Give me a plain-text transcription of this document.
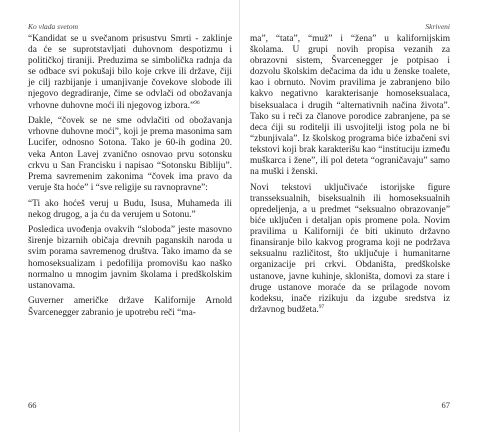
Ko vlada svetom

“Kandidat se u svečanom prisustvu Smrti - zaklinje da će se suprotstavljati duhovnom despotizmu i političkoj tiraniji. Preduzima se simbolička radnja da se odbace svi pokušaji bilo koje crkve ili države, čiji je cilj razbijanje i umanjivanje čovekove slobode ili njegovo degradiranje, čime se odvlači od obožavanja vrhovne duhovne moći ili njegovog izbora.”$^{96}$

Dakle, “čovek se ne sme odvlačiti od obožavanja vrhovne duhovne moći”, koji je prema masonima sam Lucifer, odnosno Sotona. Tako je 60-ih godina 20. veka Anton Lavej zvanično osnovao prvu sotonsku crkvu u San Francisku i napisao “Sotonsku Bibliju”. Prema savremenim zakonima “čovek ima pravo da veruje šta hoće” i “sve religije su ravnopravne”:

“Ti ako hoćeš veruj u Budu, Isusa, Muhameda ili nekog drugog, a ja ću da verujem u Sotonu.”

Posledica uvođenja ovakvih “sloboda” jeste masovno širenje bizarnih običaja drevnih paganskih naroda u svim porama savremenog društva. Tako imamo da se homoseksualizam i pedofilija promovišu kao naško normalno u mnogim javnim školama i predškolskim ustanovama.

Guverner američke države Kalifornije Arnold Švarcenegger zabranio je upotrebu reči “ma-

66
Skriveni

ma”, “tata”, “muž” i “žena” u kalifornijskim školama. U grupi novih propisa vezanih za obrazovni sistem, Švarcenegger je potpisao i dozvolu školskim dečacima da idu u ženske toalete, kao i obrnuto. Novim pravilima je zabranjeno bilo kakvo negativno karakterisanje homoseksualaca, biseksualaca i drugih “alternativnih načina života”. Tako su i reči za članove porodice zabranjene, pa se deca ćiji su roditelji ili usvojitelji istog pola ne bi “zbunjivala”. Iz školskog programa biće izbačeni svi tekstovi koji brak karakterišu kao “instituciju između muškarca i žene”, ili pol deteta “ograničavaju” samo na muški i ženski.

Novi tekstovi uključivaće istorijske figure transseksualnih, biseksualnih ili homoseksualnih opredeljenja, a u predmet “seksualno obrazovanje” biće uključen i detaljan opis promene pola. Novim pravilima u Kaliforniji će biti ukinuto državno finansiranje bilo kakvog programa koji ne podržava seksualnu različitost, što uključuje i humanitarne organizacije pri crkvi. Obdaništa, predškolske ustanove, javne kuhinje, skloništa, domovi za stare i druge ustanove moraće da se prilagode novom kodeksu, inače rizikuju da izgube sredstva iz državnog budžeta.$^{97}$

67
